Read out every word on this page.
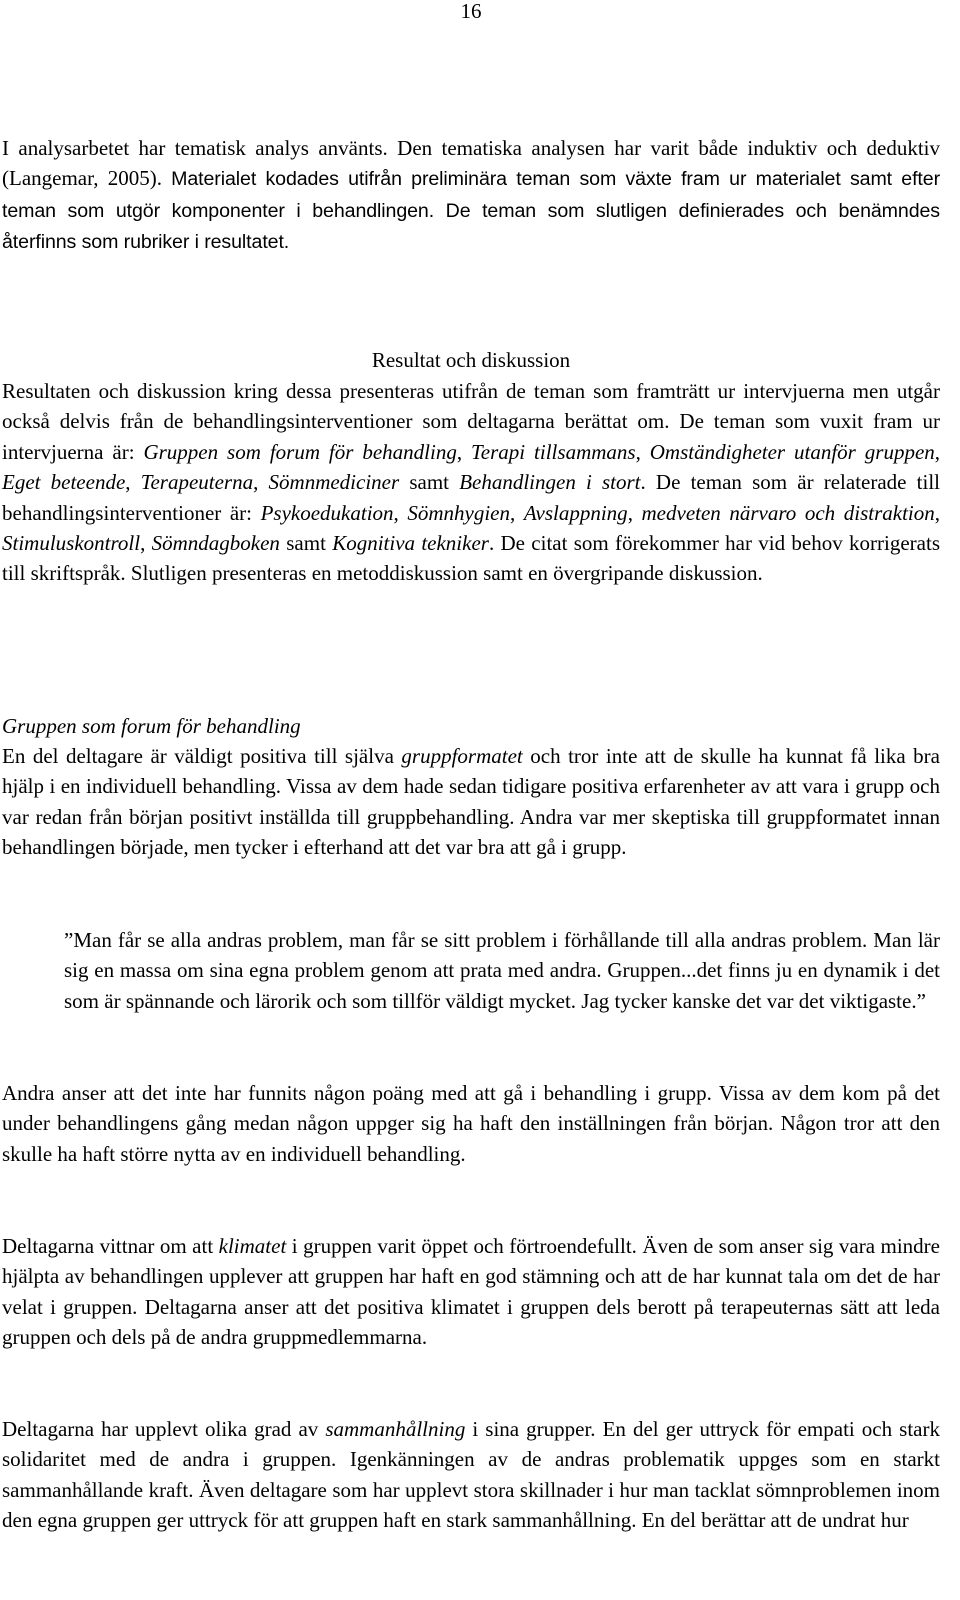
16

I analysarbetet har tematisk analys använts. Den tematiska analysen har varit både induktiv och deduktiv (Langemar, 2005). Materialet kodades utifrån preliminära teman som växte fram ur materialet samt efter teman som utgör komponenter i behandlingen. De teman som slutligen definierades och benämndes återfinns som rubriker i resultatet.

Resultat och diskussion

Resultaten och diskussion kring dessa presenteras utifrån de teman som framträtt ur intervjuerna men utgår också delvis från de behandlingsinterventioner som deltagarna berättat om. De teman som vuxit fram ur intervjuerna är: Gruppen som forum för behandling, Terapi tillsammans, Omständigheter utanför gruppen, Eget beteende, Terapeuterna, Sömnmediciner samt Behandlingen i stort. De teman som är relaterade till behandlingsinterventioner är: Psykoedukation, Sömnhygien, Avslappning, medveten närvaro och distraktion, Stimuluskontroll, Sömndagboken samt Kognitiva tekniker. De citat som förekommer har vid behov korrigerats till skriftspråk. Slutligen presenteras en metoddiskussion samt en övergripande diskussion.

Gruppen som forum för behandling

En del deltagare är väldigt positiva till själva gruppformatet och tror inte att de skulle ha kunnat få lika bra hjälp i en individuell behandling. Vissa av dem hade sedan tidigare positiva erfarenheter av att vara i grupp och var redan från början positivt inställda till gruppbehandling. Andra var mer skeptiska till gruppformatet innan behandlingen började, men tycker i efterhand att det var bra att gå i grupp.

”Man får se alla andras problem, man får se sitt problem i förhållande till alla andras problem. Man lär sig en massa om sina egna problem genom att prata med andra. Gruppen...det finns ju en dynamik i det som är spännande och lärorik och som tillför väldigt mycket. Jag tycker kanske det var det viktigaste.”

Andra anser att det inte har funnits någon poäng med att gå i behandling i grupp. Vissa av dem kom på det under behandlingens gång medan någon uppger sig ha haft den inställningen från början. Någon tror att den skulle ha haft större nytta av en individuell behandling.

Deltagarna vittnar om att klimatet i gruppen varit öppet och förtroendefullt. Även de som anser sig vara mindre hjälpta av behandlingen upplever att gruppen har haft en god stämning och att de har kunnat tala om det de har velat i gruppen. Deltagarna anser att det positiva klimatet i gruppen dels berott på terapeuternas sätt att leda gruppen och dels på de andra gruppmedlemmarna.

Deltagarna har upplevt olika grad av sammanhållning i sina grupper. En del ger uttryck för empati och stark solidaritet med de andra i gruppen. Igenkänningen av de andras problematik uppges som en starkt sammanhållande kraft. Även deltagare som har upplevt stora skillnader i hur man tacklat sömnproblemen inom den egna gruppen ger uttryck för att gruppen haft en stark sammanhållning. En del berättar att de undrat hur
